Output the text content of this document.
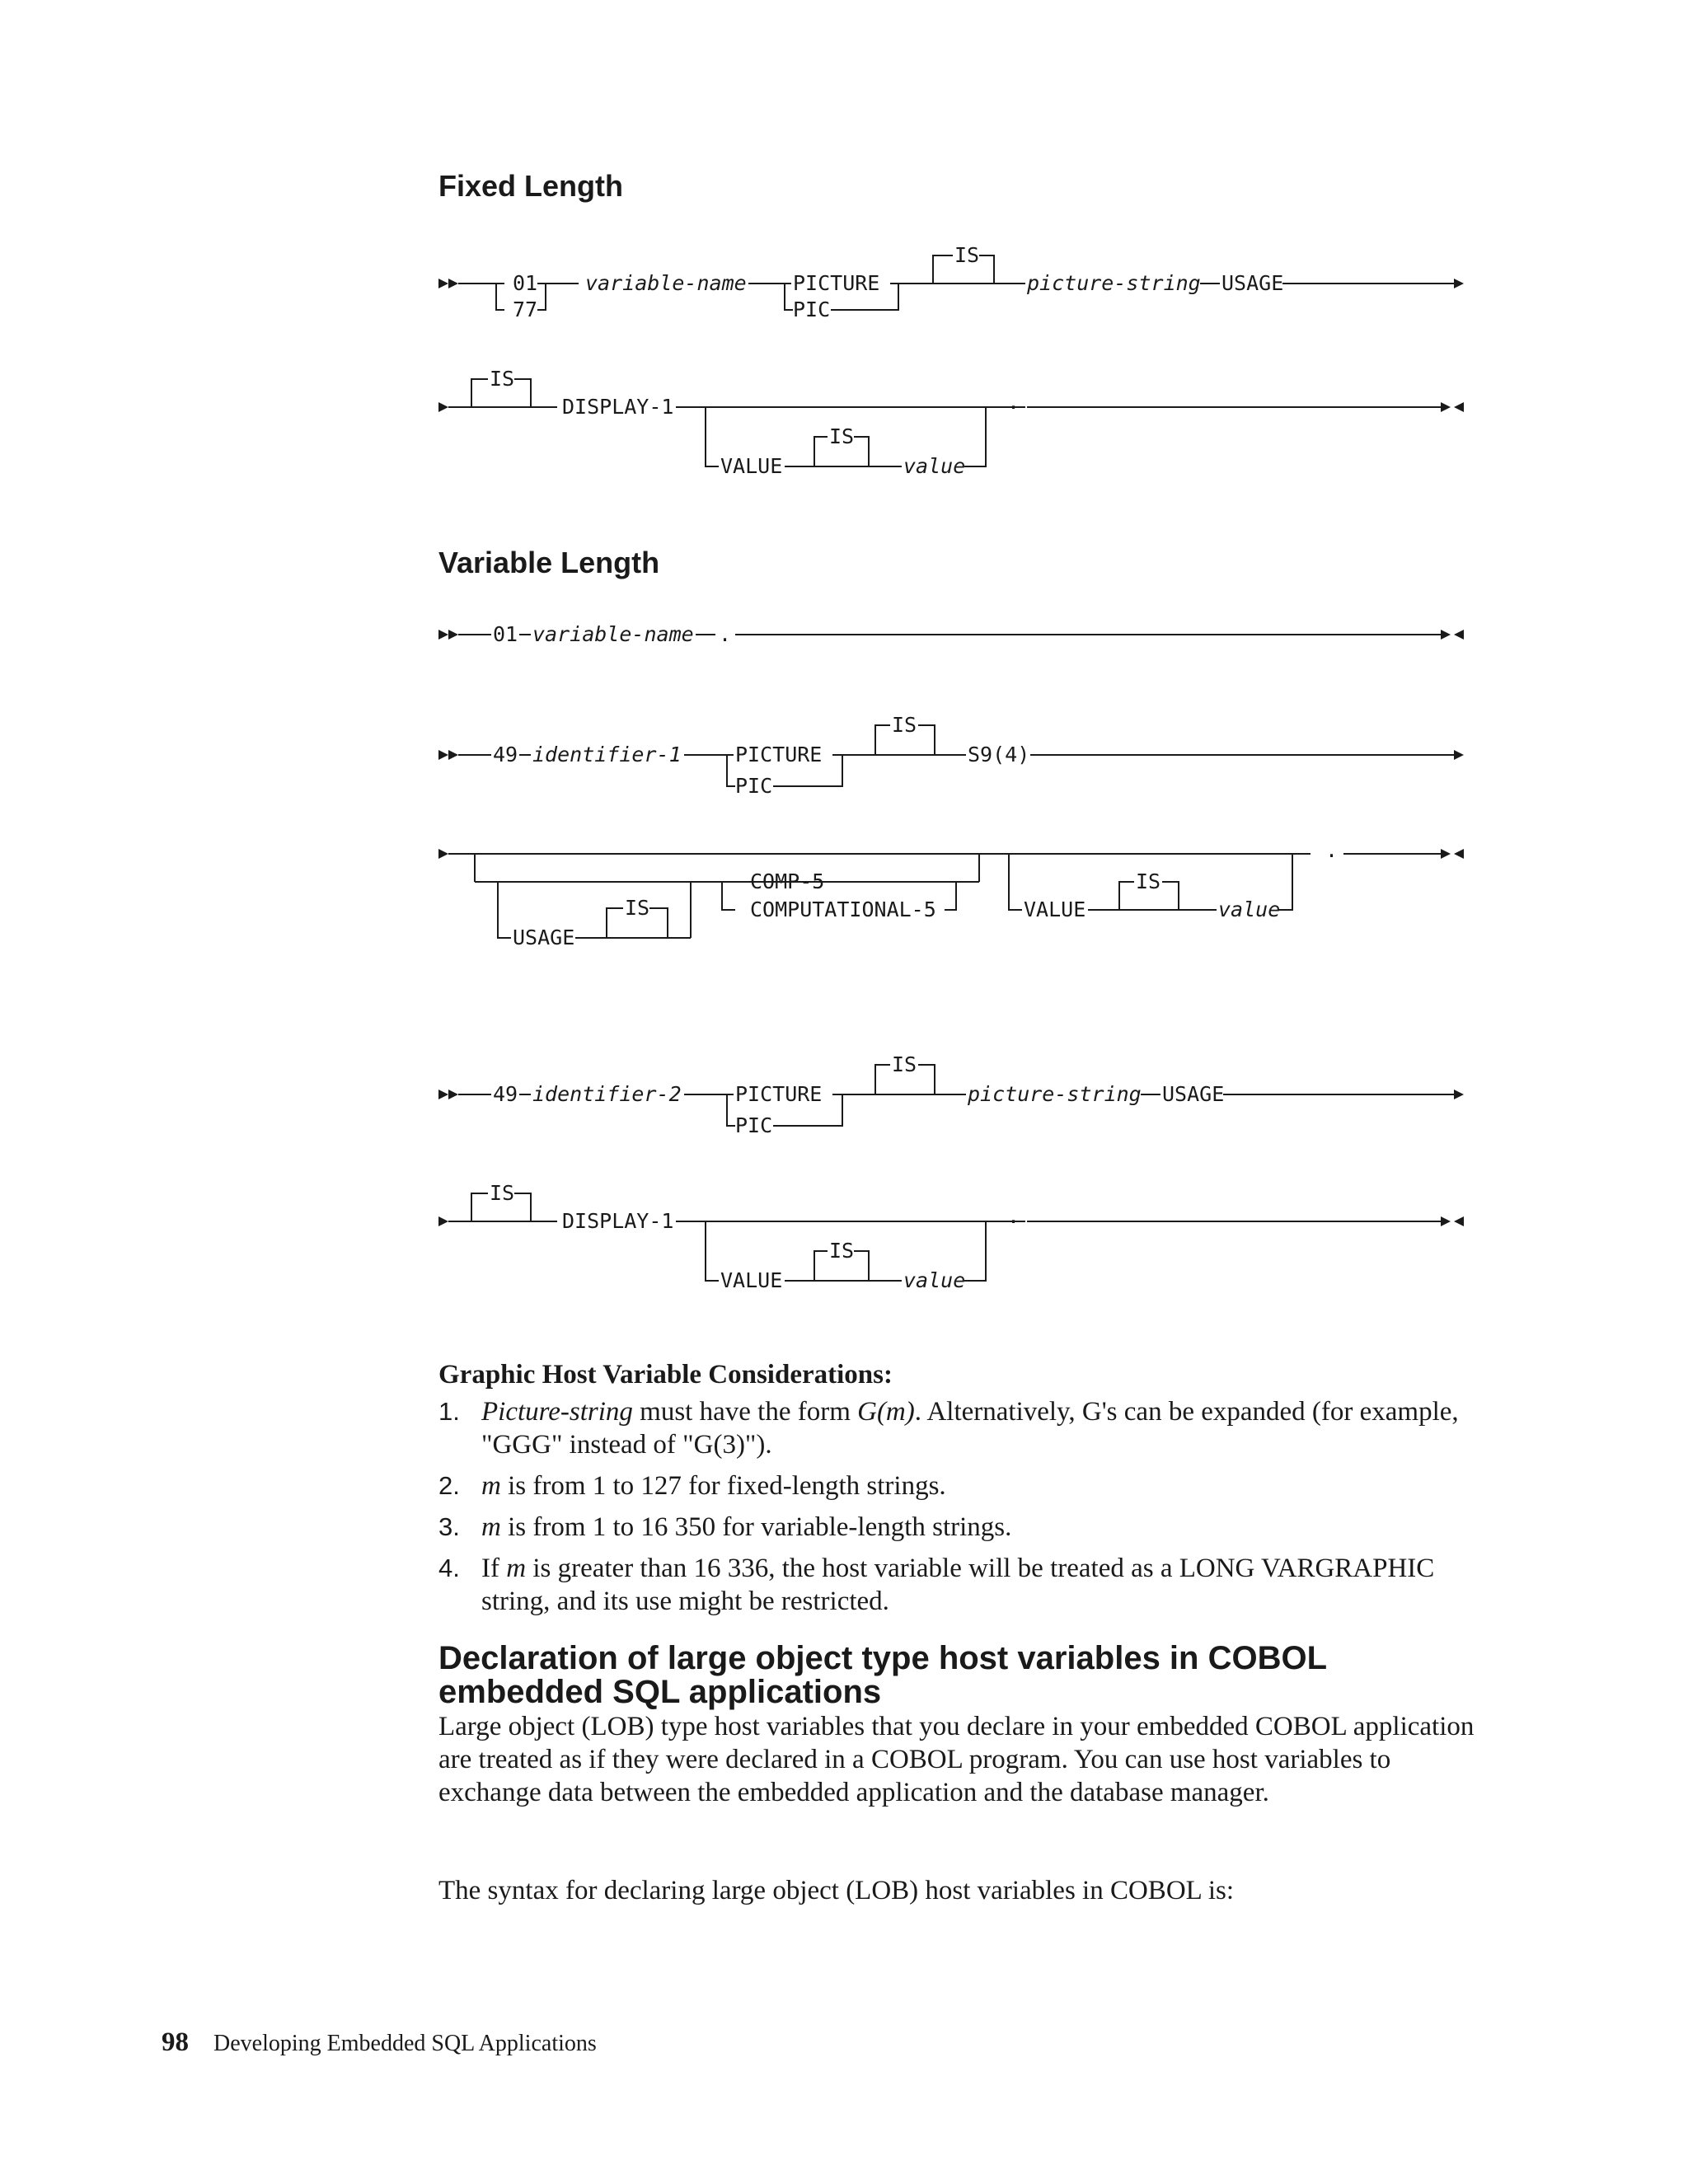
Fixed Length
01
77
variable-name PICTURE
PIC
IS
picture-string USAGE
IS
DISPLAY-1
VALUE
IS
value
.
Variable Length
01 variable-name .
49 identifier-1	PICTURE
PIC
IS
S9(4)
USAGE
IS
COMP-5
COMPUTATIONAL-5	VALUE
IS
value
.
49 identifier-2	PICTURE
PIC
IS
picture-string USAGE
IS
DISPLAY-1
VALUE
IS
value
.
Graphic Host Variable Considerations:
1. Picture-string must have the form G(m). Alternatively, G's can be expanded (for example, "GGG" instead of "G(3)").
2. m is from 1 to 127 for fixed-length strings.
3. m is from 1 to 16 350 for variable-length strings.
4. If m is greater than 16 336, the host variable will be treated as a LONG VARGRAPHIC string, and its use might be restricted.
Declaration of large object type host variables in COBOL embedded SQL applications

Large object (LOB) type host variables that you declare in your embedded COBOL application are treated as if they were declared in a COBOL program. You can use host variables to exchange data between the embedded application and the database manager.

The syntax for declaring large object (LOB) host variables in COBOL is:

98 Developing Embedded SQL Applications
